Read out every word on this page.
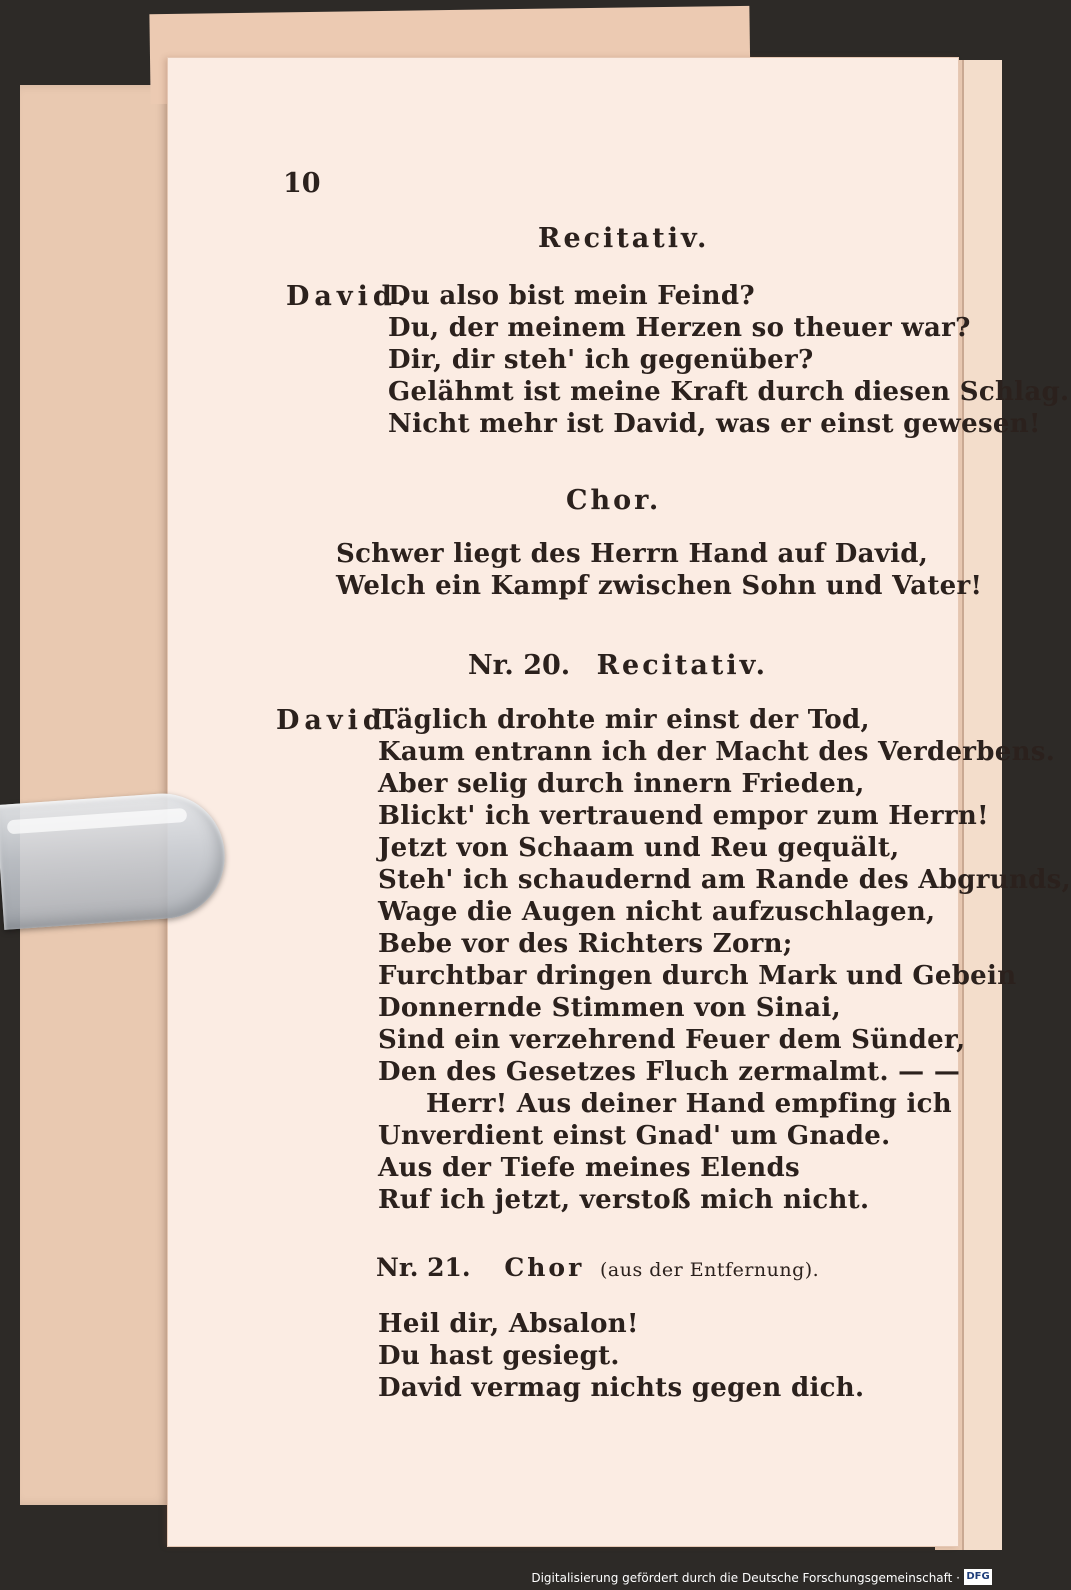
10
Recitativ.
David.
Du also bist mein Feind?
Du, der meinem Herzen so theuer war?
Dir, dir steh' ich gegenüber?
Gelähmt ist meine Kraft durch diesen Schlag.
Nicht mehr ist David, was er einst gewesen!
Chor.
Schwer liegt des Herrn Hand auf David,
Welch ein Kampf zwischen Sohn und Vater!
Nr. 20. Recitativ.
David.
Täglich drohte mir einst der Tod,
Kaum entrann ich der Macht des Verderbens.
Aber selig durch innern Frieden,
Blickt' ich vertrauend empor zum Herrn!
Jetzt von Schaam und Reu gequält,
Steh' ich schaudernd am Rande des Abgrunds,
Wage die Augen nicht aufzuschlagen,
Bebe vor des Richters Zorn;
Furchtbar dringen durch Mark und Gebein
Donnernde Stimmen von Sinai,
Sind ein verzehrend Feuer dem Sünder,
Den des Gesetzes Fluch zermalmt. — —
Herr! Aus deiner Hand empfing ich
Unverdient einst Gnad' um Gnade.
Aus der Tiefe meines Elends
Ruf ich jetzt, verstoß mich nicht.
Nr. 21. Chor (aus der Entfernung).
Heil dir, Absalon!
Du hast gesiegt.
David vermag nichts gegen dich.
Digitalisierung gefördert durch die Deutsche Forschungsgemeinschaft · DFG
